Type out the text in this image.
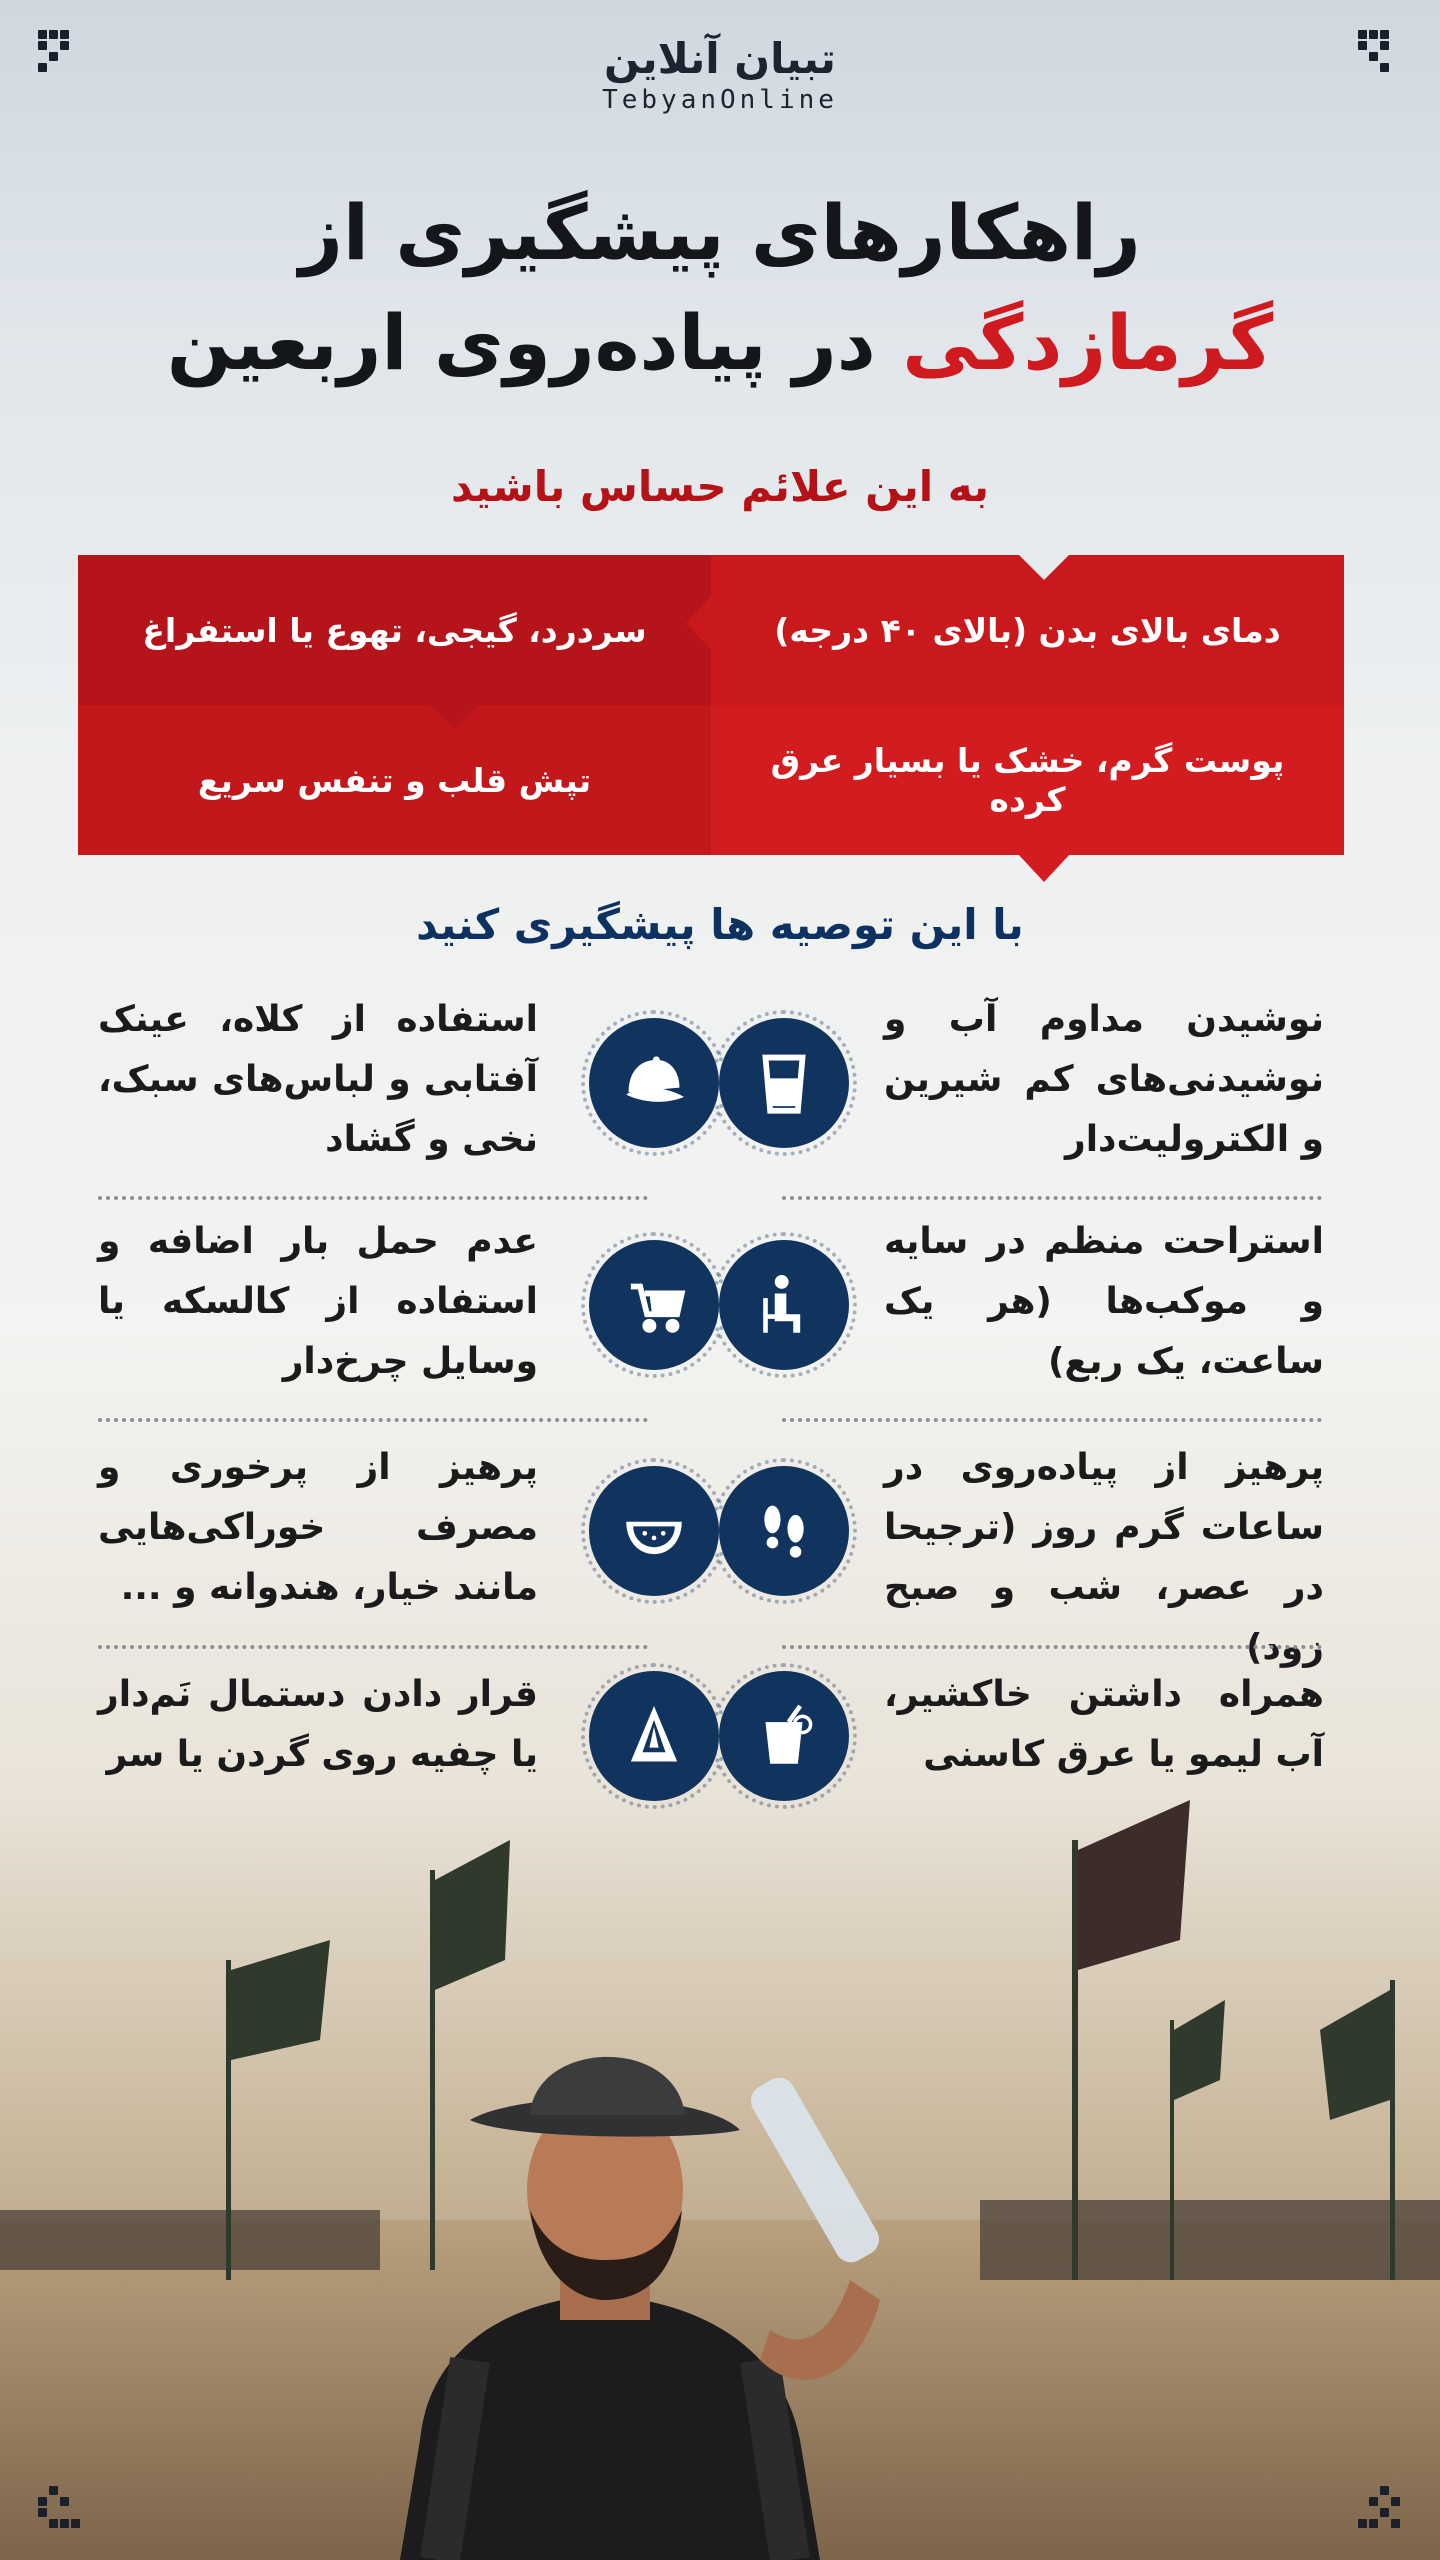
تبیان آنلاین
TebyanOnline
راهکارهای پیشگیری از
گرمازدگی در پیاده‌روی اربعین
به این علائم حساس باشید
دمای بالای بدن (بالای ۴۰ درجه)
سردرد، گیجی، تهوع یا استفراغ
پوست گرم، خشک یا بسیار عرق کرده
تپش قلب و تنفس سریع
با این توصیه ها پیشگیری کنید
نوشیدن مداوم آب و نوشیدنی‌های کم شیرین و الکترولیت‌دار
استفاده از کلاه، عینک آفتابی و لباس‌های سبک، نخی و گشاد
استراحت منظم در سایه و موکب‌ها (هر یک ساعت، یک ربع)
عدم حمل بار اضافه و استفاده از کالسکه یا وسایل چرخ‌دار
پرهیز از پیاده‌روی در ساعات گرم روز (ترجیحا در عصر، شب و صبح زود)
پرهیز از پرخوری و مصرف خوراکی‌هایی مانند خیار، هندوانه و ...
همراه داشتن خاکشیر، آب لیمو یا عرق کاسنی
قرار دادن دستمال نَم‌دار یا چفیه روی گردن یا سر
